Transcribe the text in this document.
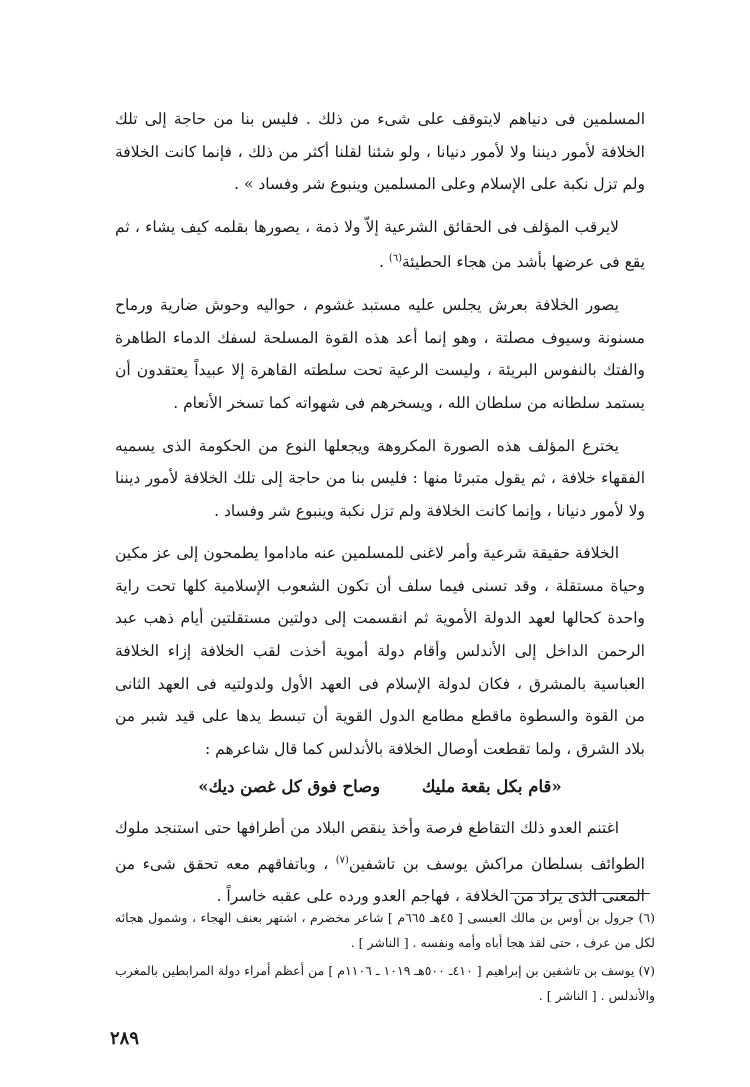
المسلمين فى دنياهم لايتوقف على شىء من ذلك . فليس بنا من حاجة إلى تلك الخلافة لأمور ديننا ولا لأمور دنيانا ، ولو شئنا لقلنا أكثر من ذلك ، فإنما كانت الخلافة ولم تزل نكبة على الإسلام وعلى المسلمين وينبوع شر وفساد » .

لايرقب المؤلف فى الحقائق الشرعية إلاّ ولا ذمة ، يصورها بقلمه كيف يشاء ، ثم يقع فى عرضها بأشد من هجاء الحطيئة$^{(٦)}$ .

يصور الخلافة بعرش يجلس عليه مستبد غشوم ، حواليه وحوش ضارية ورماح مسنونة وسيوف مصلتة ، وهو إنما أعد هذه القوة المسلحة لسفك الدماء الطاهرة والفتك بالنفوس البريئة ، وليست الرعية تحت سلطته القاهرة إلا عبيداً يعتقدون أن يستمد سلطانه من سلطان الله ، ويسخرهم فى شهواته كما تسخر الأنعام .

يخترع المؤلف هذه الصورة المكروهة ويجعلها النوع من الحكومة الذى يسميه الفقهاء خلافة ، ثم يقول متبرئا منها : فليس بنا من حاجة إلى تلك الخلافة لأمور ديننا ولا لأمور دنيانا ، وإنما كانت الخلافة ولم تزل نكبة وينبوع شر وفساد .

الخلافة حقيقة شرعية وأمر لاغنى للمسلمين عنه ماداموا يطمحون إلى عز مكين وحياة مستقلة ، وقد تسنى فيما سلف أن تكون الشعوب الإسلامية كلها تحت راية واحدة كحالها لعهد الدولة الأموية ثم انقسمت إلى دولتين مستقلتين أيام ذهب عبد الرحمن الداخل إلى الأندلس وأقام دولة أموية أخذت لقب الخلافة إزاء الخلافة العباسية بالمشرق ، فكان لدولة الإسلام فى العهد الأول ولدولتيه فى العهد الثانى من القوة والسطوة ماقطع مطامع الدول القوية أن تبسط يدها على قيد شبر من بلاد الشرق ، ولما تقطعت أوصال الخلافة بالأندلس كما قال شاعرهم :

«قام بكل بقعة مليك وصاح فوق كل غصن ديك»

اغتنم العدو ذلك التقاطع فرصة وأخذ ينقص البلاد من أطرافها حتى استنجد ملوك الطوائف بسلطان مراكش يوسف بن تاشفين$^{(٧)}$ ، وباتفاقهم معه تحقق شىء من المعنى الذى يراد من الخلافة ، فهاجم العدو ورده على عقبه خاسراً .

(٦) جرول بن أوس بن مالك العبسى [ ٤٥هـ ٦٦٥م ] شاعر مخضرم ، اشتهر بعنف الهجاء ، وشمول هجائه لكل من عرف ، حتى لقد هجا أباه وأمه ونفسه . [ الناشر ] .

(٧) يوسف بن تاشفين بن إبراهيم [ ٤١٠ـ ٥٠٠هـ ١٠١٩ ـ ١١٠٦م ] من أعظم أمراء دولة المرابطين بالمغرب والأندلس . [ الناشر ] .

٢٨٩
